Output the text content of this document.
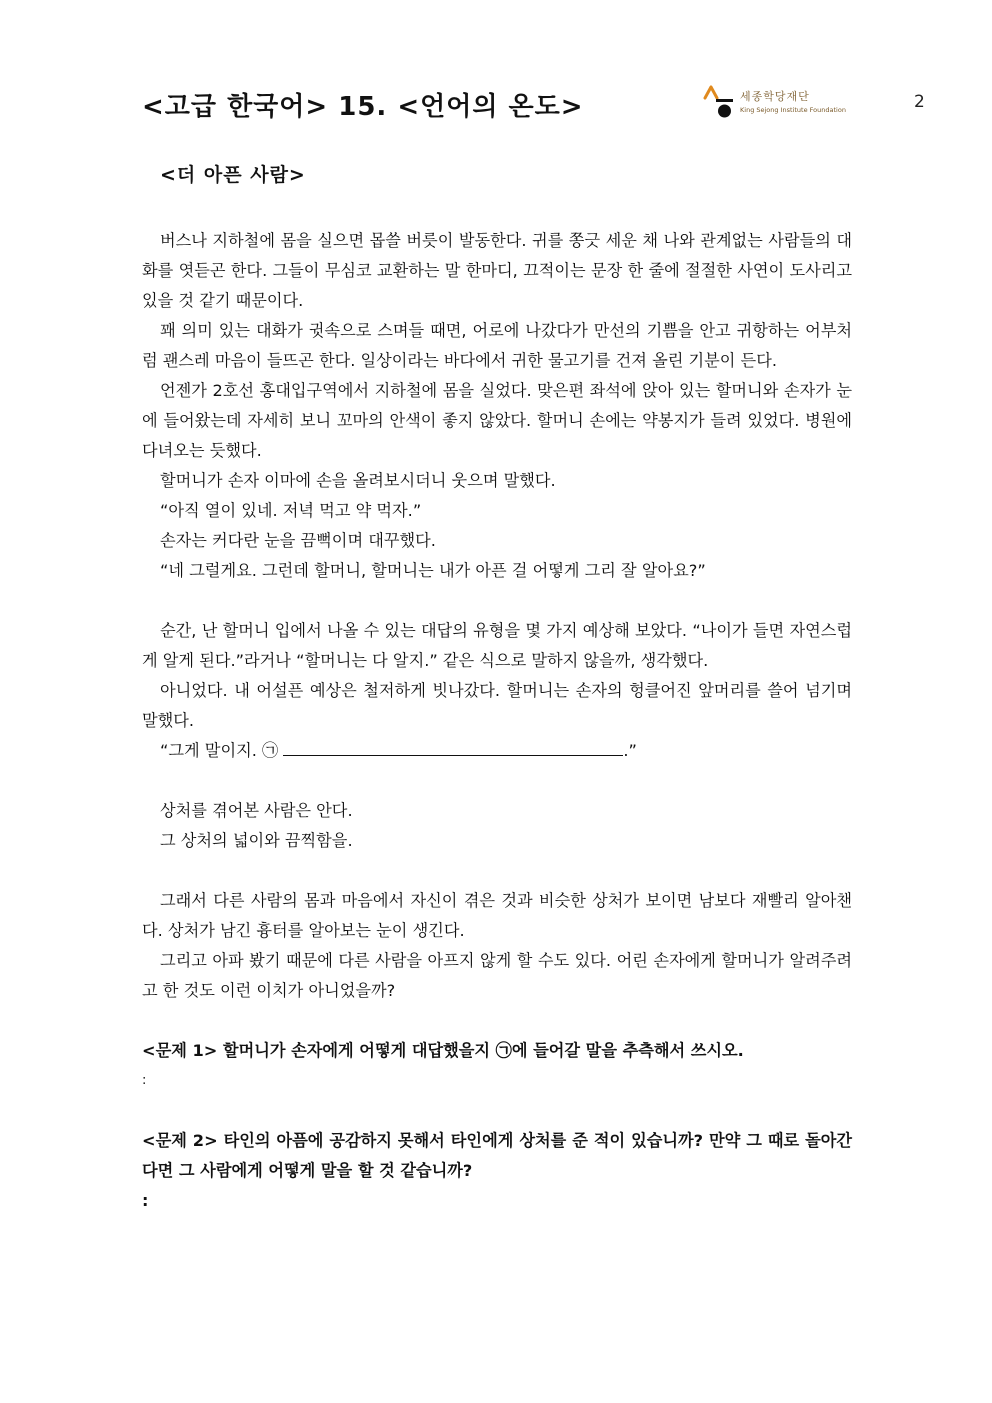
2
<고급 한국어> 15. <언어의 온도>	세종학당재단
King Sejong Institute Foundation
<더 아픈 사람>

버스나 지하철에 몸을 실으면 몹쓸 버릇이 발동한다. 귀를 쫑긋 세운 채 나와 관계없는 사람들의 대화를 엿듣곤 한다. 그들이 무심코 교환하는 말 한마디, 끄적이는 문장 한 줄에 절절한 사연이 도사리고 있을 것 같기 때문이다.

꽤 의미 있는 대화가 귓속으로 스며들 때면, 어로에 나갔다가 만선의 기쁨을 안고 귀항하는 어부처럼 괜스레 마음이 들뜨곤 한다. 일상이라는 바다에서 귀한 물고기를 건져 올린 기분이 든다.

언젠가 2호선 홍대입구역에서 지하철에 몸을 실었다. 맞은편 좌석에 앉아 있는 할머니와 손자가 눈에 들어왔는데 자세히 보니 꼬마의 안색이 좋지 않았다. 할머니 손에는 약봉지가 들려 있었다. 병원에 다녀오는 듯했다.

할머니가 손자 이마에 손을 올려보시더니 웃으며 말했다.

“아직 열이 있네. 저녁 먹고 약 먹자.”

손자는 커다란 눈을 끔뻑이며 대꾸했다.

“네 그럴게요. 그런데 할머니, 할머니는 내가 아픈 걸 어떻게 그리 잘 알아요?”

순간, 난 할머니 입에서 나올 수 있는 대답의 유형을 몇 가지 예상해 보았다. “나이가 들면 자연스럽게 알게 된다.”라거나 “할머니는 다 알지.” 같은 식으로 말하지 않을까, 생각했다.

아니었다. 내 어설픈 예상은 철저하게 빗나갔다. 할머니는 손자의 헝클어진 앞머리를 쓸어 넘기며 말했다.

“그게 말이지. ㉠	.”

상처를 겪어본 사람은 안다.

그 상처의 넓이와 끔찍함을.

그래서 다른 사람의 몸과 마음에서 자신이 겪은 것과 비슷한 상처가 보이면 남보다 재빨리 알아챈다. 상처가 남긴 흉터를 알아보는 눈이 생긴다.

그리고 아파 봤기 때문에 다른 사람을 아프지 않게 할 수도 있다. 어린 손자에게 할머니가 알려주려고 한 것도 이런 이치가 아니었을까?

<문제 1> 할머니가 손자에게 어떻게 대답했을지 ㉠에 들어갈 말을 추측해서 쓰시오.

:

<문제 2> 타인의 아픔에 공감하지 못해서 타인에게 상처를 준 적이 있습니까? 만약 그 때로 돌아간다면 그 사람에게 어떻게 말을 할 것 같습니까?

:
